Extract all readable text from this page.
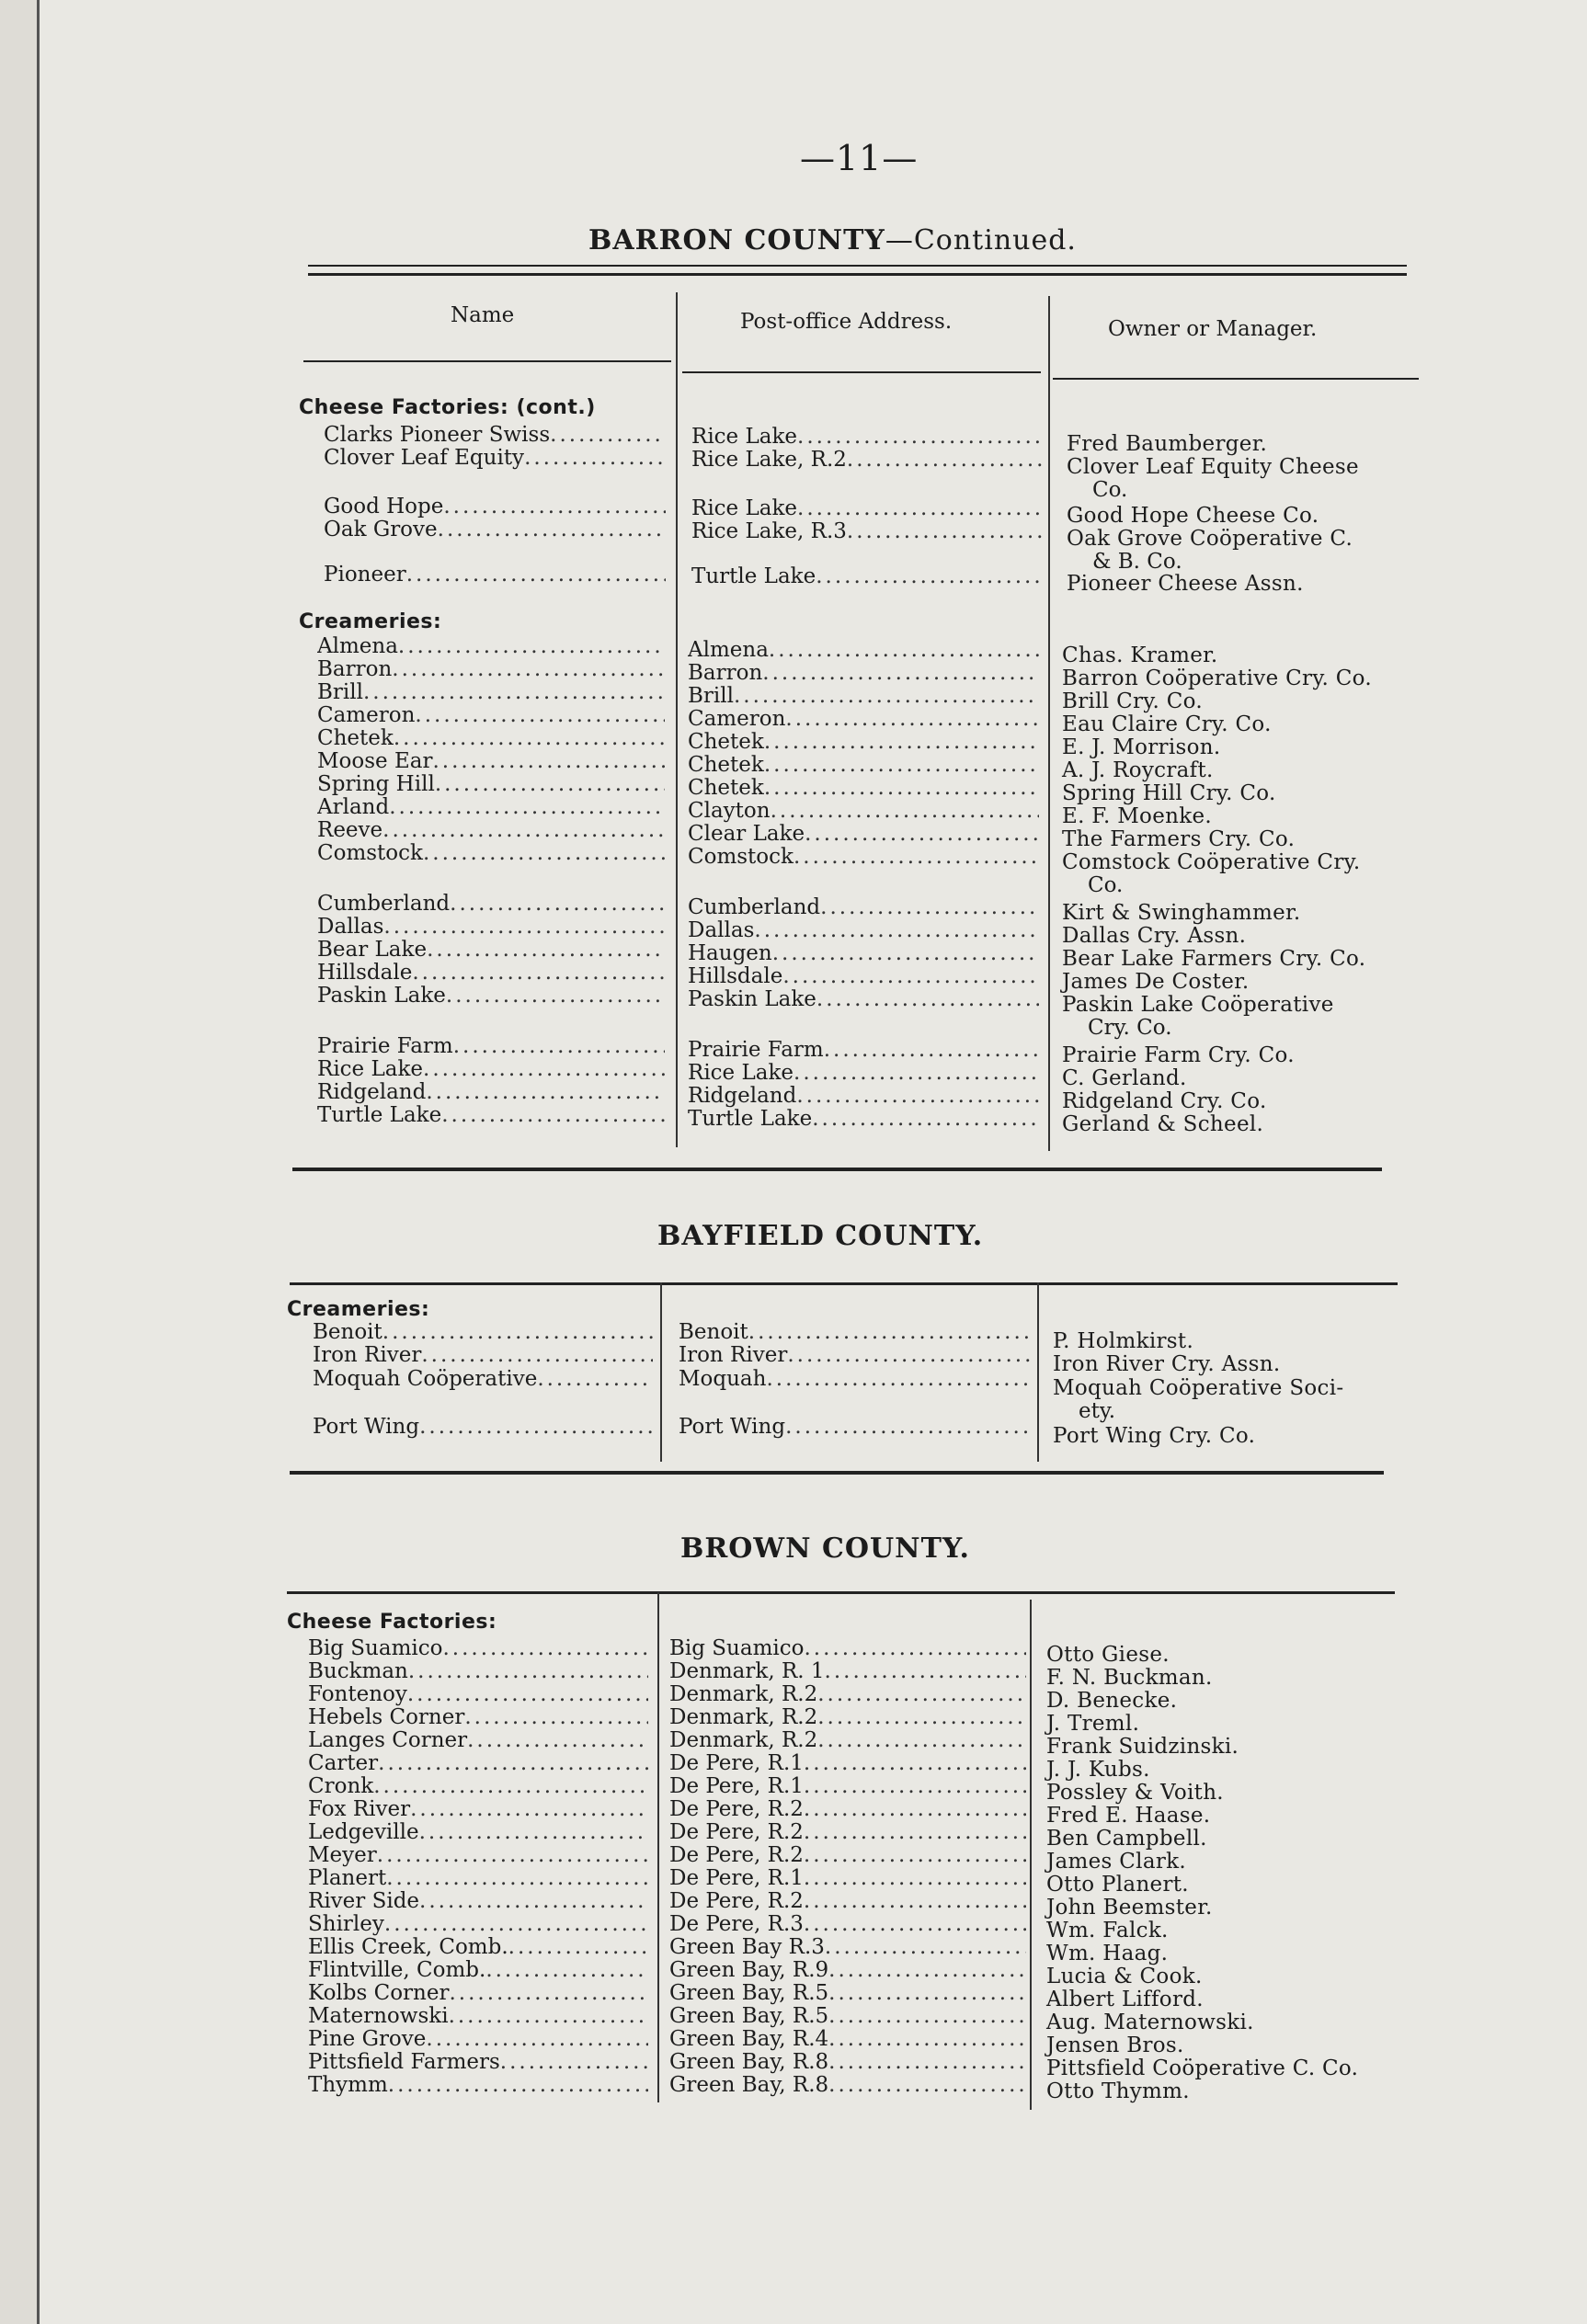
—11—
BARRON COUNTY—Continued.
Name	Post-office Address.	Owner or Manager.
Cheese Factories: (cont.)
Clarks Pioneer Swiss .....	Rice Lake .....	Fred Baumberger.
Clover Leaf Equity .....	Rice Lake, R.2 .....	Clover Leaf Equity Cheese
Co.
Good Hope .....	Rice Lake .....	Good Hope Cheese Co.
Oak Grove .....	Rice Lake, R.3 .....	Oak Grove Coöperative C.
& B. Co.
Pioneer .....	Turtle Lake .....	Pioneer Cheese Assn.
Creameries:
Almena .....	Almena .....	Chas. Kramer.
Barron .....	Barron .....	Barron Coöperative Cry. Co.
Brill .....	Brill .....	Brill Cry. Co.
Cameron .....	Cameron .....	Eau Claire Cry. Co.
Chetek .....	Chetek .....	E. J. Morrison.
Moose Ear .....	Chetek .....	A. J. Roycraft.
Spring Hill .....	Chetek .....	Spring Hill Cry. Co.
Arland .....	Clayton .....	E. F. Moenke.
Reeve .....	Clear Lake .....	The Farmers Cry. Co.
Comstock .....	Comstock .....	Comstock Coöperative Cry.
Co.
Cumberland .....	Cumberland .....	Kirt & Swinghammer.
Dallas .....	Dallas .....	Dallas Cry. Assn.
Bear Lake .....	Haugen .....	Bear Lake Farmers Cry. Co.
Hillsdale .....	Hillsdale .....	James De Coster.
Paskin Lake .....	Paskin Lake .....	Paskin Lake Coöperative
Cry. Co.
Prairie Farm .....	Prairie Farm .....	Prairie Farm Cry. Co.
Rice Lake .....	Rice Lake .....	C. Gerland.
Ridgeland .....	Ridgeland .....	Ridgeland Cry. Co.
Turtle Lake .....	Turtle Lake .....	Gerland & Scheel.
BAYFIELD COUNTY.
Creameries:
Benoit .....	Benoit .....	P. Holmkirst.
Iron River .....	Iron River .....	Iron River Cry. Assn.
Moquah Coöperative .....	Moquah .....	Moquah Coöperative Soci-
ety.
Port Wing .....	Port Wing .....	Port Wing Cry. Co.
BROWN COUNTY.
Cheese Factories:
Big Suamico .....	Big Suamico .....	Otto Giese.
Buckman .....	Denmark, R. 1 .....	F. N. Buckman.
Fontenoy .....	Denmark, R.2 .....	D. Benecke.
Hebels Corner .....	Denmark, R.2 .....	J. Treml.
Langes Corner .....	Denmark, R.2 .....	Frank Suidzinski.
Carter .....	De Pere, R.1 .....	J. J. Kubs.
Cronk .....	De Pere, R.1 .....	Possley & Voith.
Fox River .....	De Pere, R.2 .....	Fred E. Haase.
Ledgeville .....	De Pere, R.2 .....	Ben Campbell.
Meyer .....	De Pere, R.2 .....	James Clark.
Planert .....	De Pere, R.1 .....	Otto Planert.
River Side .....	De Pere, R.2 .....	John Beemster.
Shirley .....	De Pere, R.3 .....	Wm. Falck.
Ellis Creek, Comb. .....	Green Bay R.3 .....	Wm. Haag.
Flintville, Comb. .....	Green Bay, R.9 .....	Lucia & Cook.
Kolbs Corner .....	Green Bay, R.5 .....	Albert Lifford.
Maternowski .....	Green Bay, R.5 .....	Aug. Maternowski.
Pine Grove .....	Green Bay, R.4 .....	Jensen Bros.
Pittsfield Farmers .....	Green Bay, R.8 .....	Pittsfield Coöperative C. Co.
Thymm .....	Green Bay, R.8 .....	Otto Thymm.
